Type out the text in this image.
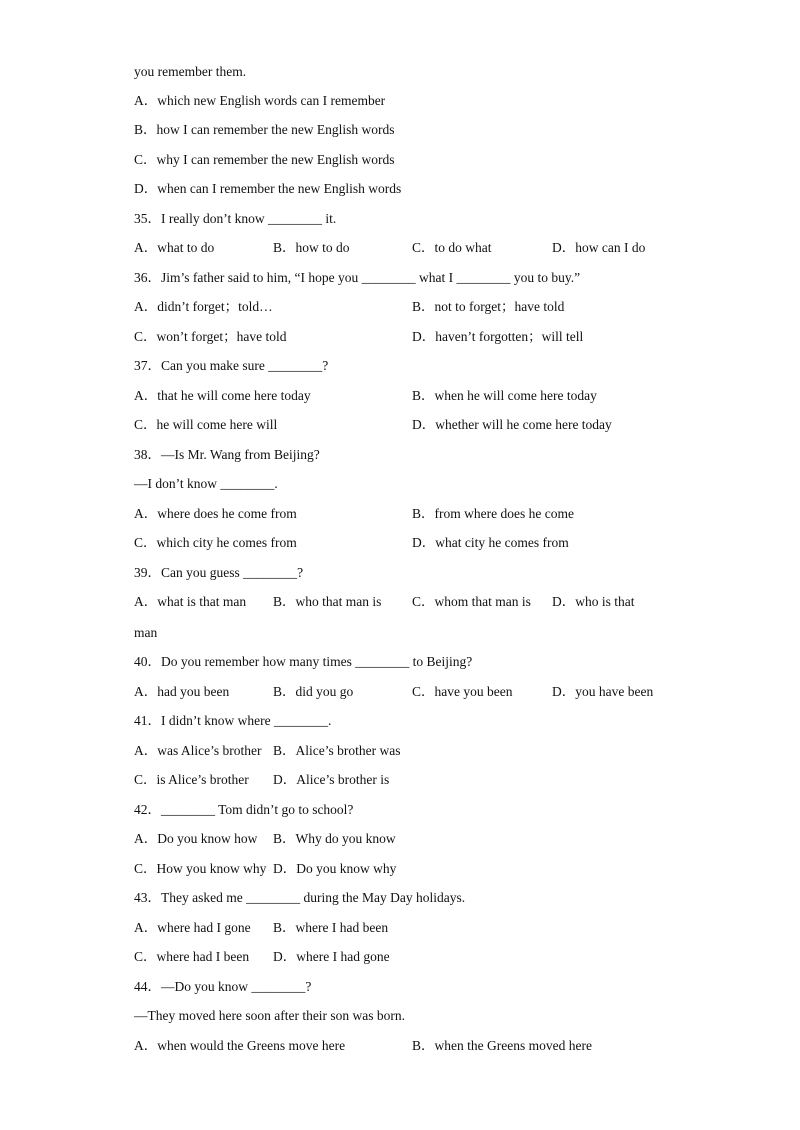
you remember them.
A．which new English words can I remember
B．how I can remember the new English words
C．why I can remember the new English words
D．when can I remember the new English words
35．I really don’t know ________ it.
A．what to do	B．how to do	C．to do what	D．how can I do
36．Jim’s father said to him, “I hope you ________ what I ________ you to buy.”
A．didn’t forget；told…	B．not to forget；have told
C．won’t forget；have told	D．haven’t forgotten；will tell
37．Can you make sure ________?
A．that he will come here today	B．when he will come here today
C．he will come here will	D．whether will he come here today
38．—Is Mr. Wang from Beijing?
—I don’t know ________.
A．where does he come from	B．from where does he come
C．which city he comes from	D．what city he comes from
39．Can you guess ________?
A．what is that man B．who that man is C．whom that man is D．who is that
man
40．Do you remember how many times ________ to Beijing?
A．had you been	B．did you go	C．have you been	D．you have been
41．I didn’t know where ________.
A．was Alice’s brother B．Alice’s brother was
C．is Alice’s brother D．Alice’s brother is
42．________ Tom didn’t go to school?
A．Do you know how B．Why do you know
C．How you know why D．Do you know why
43．They asked me ________ during the May Day holidays.
A．where had I gone B．where I had been
C．where had I been D．where I had gone
44．—Do you know ________?
—They moved here soon after their son was born.
A．when would the Greens move here	B．when the Greens moved here
